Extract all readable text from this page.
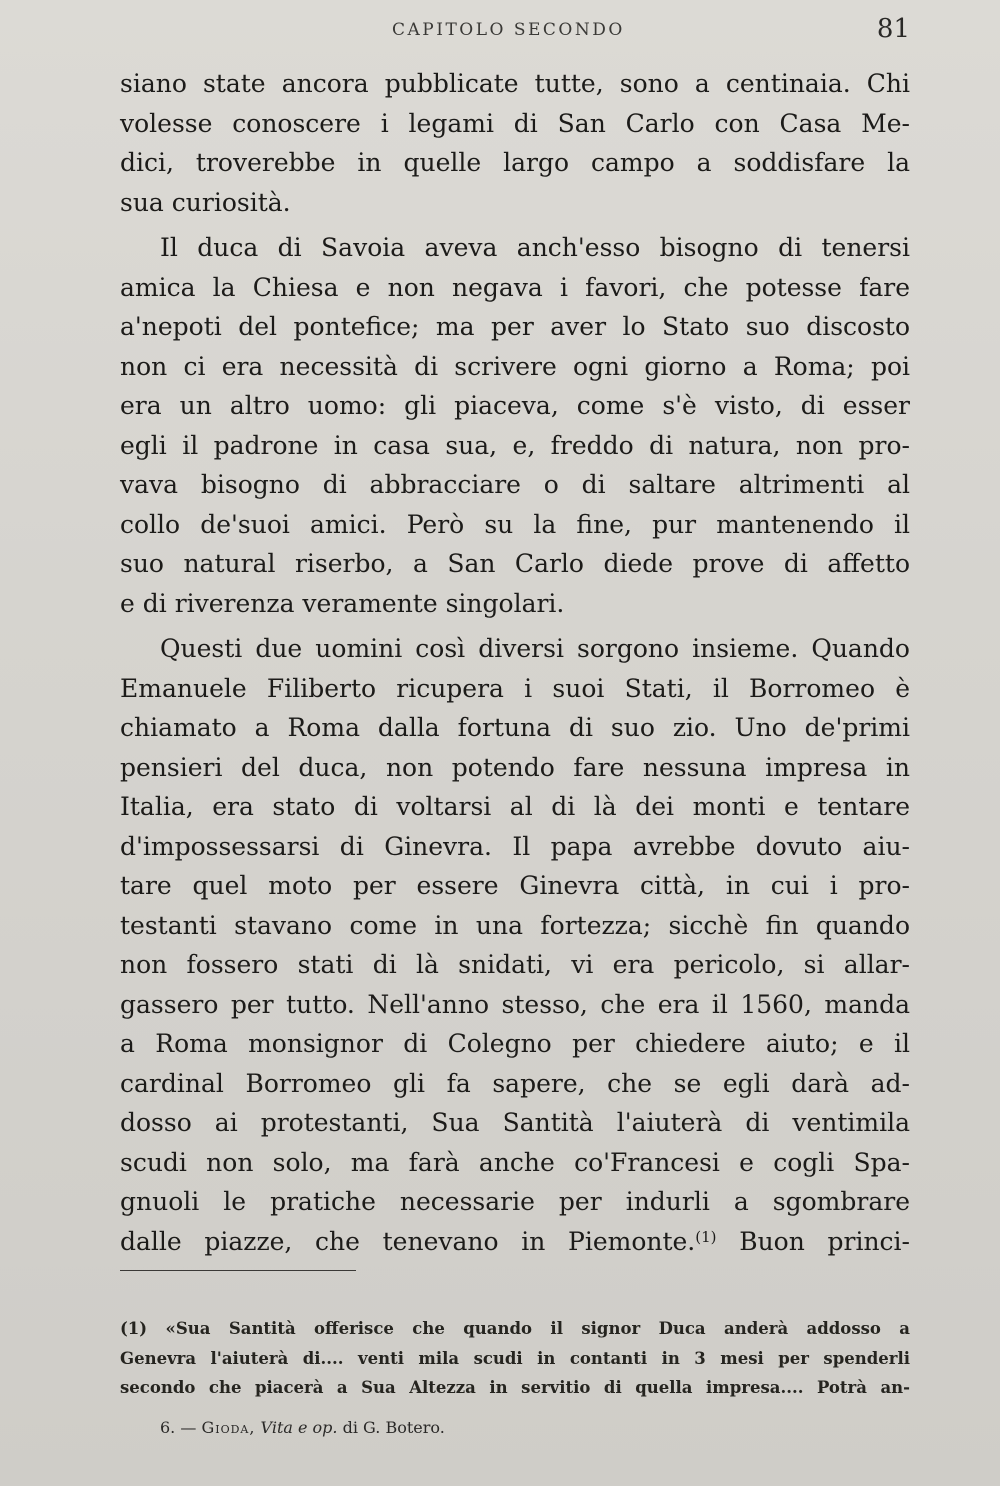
CAPITOLO SECONDO	81
siano state ancora pubblicate tutte, sono a centinaia. Chi
volesse conoscere i legami di San Carlo con Casa Me-
dici, troverebbe in quelle largo campo a soddisfare la
sua curiosità.
Il duca di Savoia aveva anch'esso bisogno di tenersi
amica la Chiesa e non negava i favori, che potesse fare
a'nepoti del pontefice; ma per aver lo Stato suo discosto
non ci era necessità di scrivere ogni giorno a Roma; poi
era un altro uomo: gli piaceva, come s'è visto, di esser
egli il padrone in casa sua, e, freddo di natura, non pro-
vava bisogno di abbracciare o di saltare altrimenti al
collo de'suoi amici. Però su la fine, pur mantenendo il
suo natural riserbo, a San Carlo diede prove di affetto
e di riverenza veramente singolari.
Questi due uomini così diversi sorgono insieme. Quando
Emanuele Filiberto ricupera i suoi Stati, il Borromeo è
chiamato a Roma dalla fortuna di suo zio. Uno de'primi
pensieri del duca, non potendo fare nessuna impresa in
Italia, era stato di voltarsi al di là dei monti e tentare
d'impossessarsi di Ginevra. Il papa avrebbe dovuto aiu-
tare quel moto per essere Ginevra città, in cui i pro-
testanti stavano come in una fortezza; sicchè fin quando
non fossero stati di là snidati, vi era pericolo, si allar-
gassero per tutto. Nell'anno stesso, che era il 1560, manda
a Roma monsignor di Colegno per chiedere aiuto; e il
cardinal Borromeo gli fa sapere, che se egli darà ad-
dosso ai protestanti, Sua Santità l'aiuterà di ventimila
scudi non solo, ma farà anche co'Francesi e cogli Spa-
gnuoli le pratiche necessarie per indurli a sgombrare
dalle piazze, che tenevano in Piemonte.$^{(1)}$ Buon princi-
(1) «Sua Santità offerisce che quando il signor Duca anderà addosso a
Genevra l'aiuterà di.... venti mila scudi in contanti in 3 mesi per spenderli
secondo che piacerà a Sua Altezza in servitio di quella impresa.... Potrà an-
6. — Gioda, Vita e op. di G. Botero.
